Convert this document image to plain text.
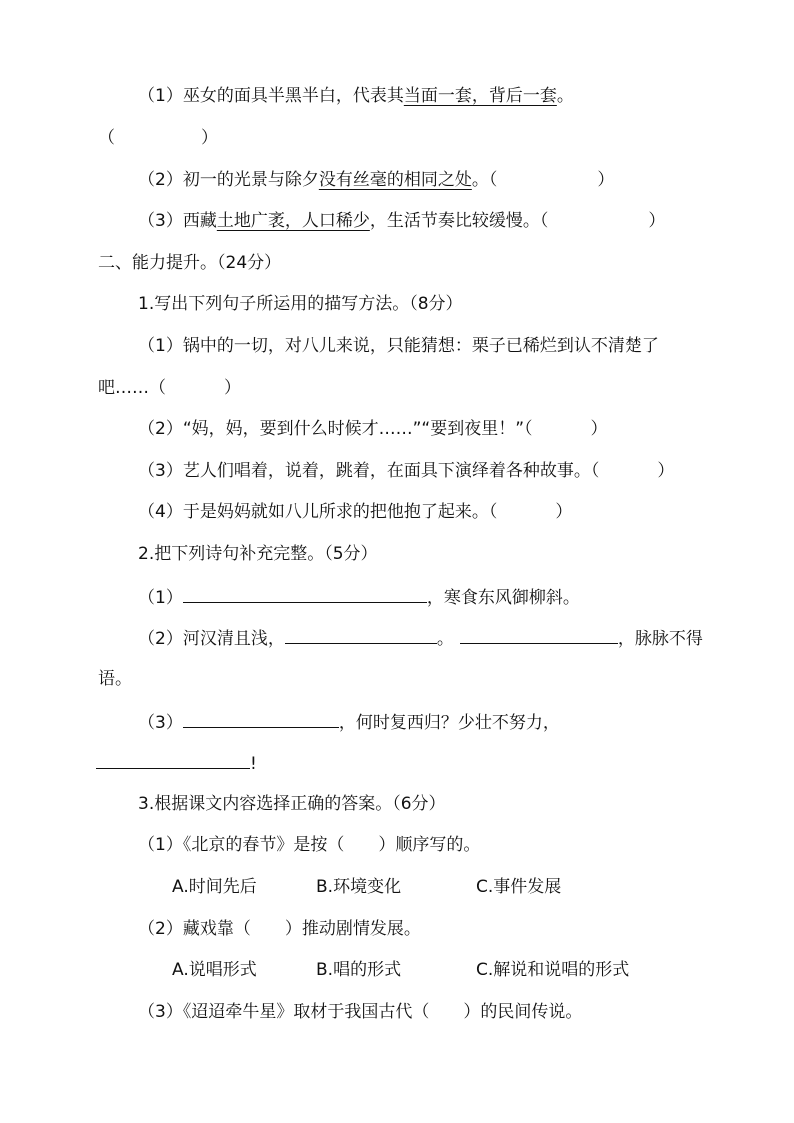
（1）巫女的面具半黑半白，代表其当面一套，背后一套。
（	）
（2）初一的光景与除夕没有丝毫的相同之处。（	）
（3）西藏土地广袤，人口稀少，生活节奏比较缓慢。（	）
二、能力提升。（24分）
1.写出下列句子所运用的描写方法。（8分）
（1）锅中的一切，对八儿来说，只能猜想：栗子已稀烂到认不清楚了
吧……（	）
（2）“妈，妈，要到什么时候才……”“要到夜里！”（	）
（3）艺人们唱着，说着，跳着，在面具下演绎着各种故事。（	）
（4）于是妈妈就如八儿所求的把他抱了起来。（	）
2.把下列诗句补充完整。（5分）
（1）	，寒食东风御柳斜。
（2）河汉清且浅，	。	，脉脉不得
语。
（3）	，何时复西归？少壮不努力，
!
3.根据课文内容选择正确的答案。（6分）
（1）《北京的春节》是按（　　）顺序写的。
A.时间先后	B.环境变化	C.事件发展
（2）藏戏靠（　　）推动剧情发展。
A.说唱形式	B.唱的形式	C.解说和说唱的形式
（3）《迢迢牵牛星》取材于我国古代（　　）的民间传说。
